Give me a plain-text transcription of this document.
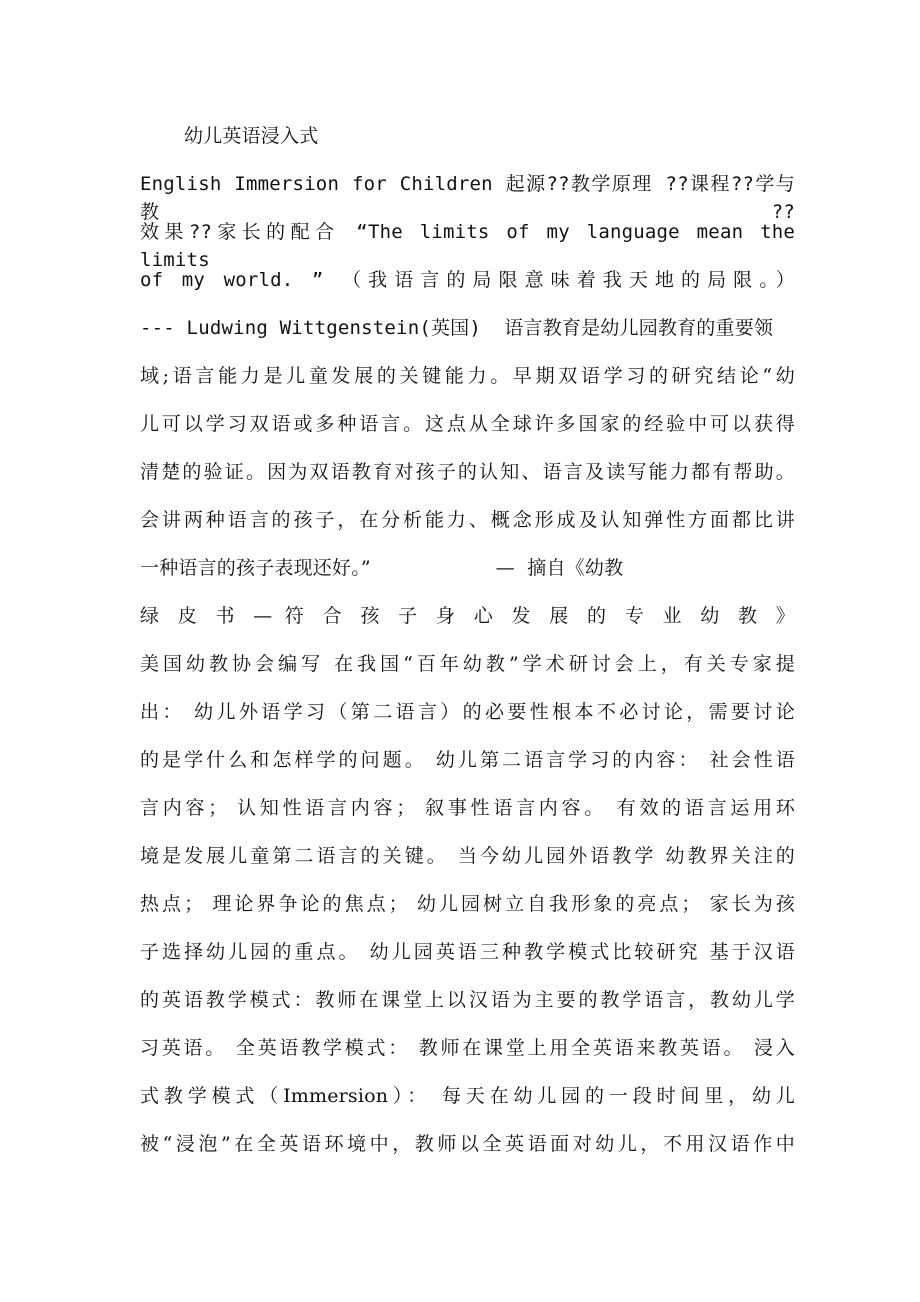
幼儿英语浸入式
English Immersion for Children 起源??教学原理 ??课程??学与教??
效果??家长的配合 “The limits of my language mean the limits
of my world. ” （我语言的局限意味着我天地的局限。）
--- Ludwing Wittgenstein(英国)  语言教育是幼儿园教育的重要领
域;语言能力是儿童发展的关键能力。早期双语学习的研究结论“幼
儿可以学习双语或多种语言。这点从全球许多国家的经验中可以获得
清楚的验证。因为双语教育对孩子的认知、语言及读写能力都有帮助。
会讲两种语言的孩子，在分析能力、概念形成及认知弹性方面都比讲
一种语言的孩子表现还好。”                    —  摘自《幼教
绿 皮 书 — 符 合 孩 子 身 心 发 展 的 专 业 幼 教 》
美国幼教协会编写 在我国“百年幼教”学术研讨会上，有关专家提
出： 幼儿外语学习（第二语言）的必要性根本不必讨论，需要讨论
的是学什么和怎样学的问题。 幼儿第二语言学习的内容： 社会性语
言内容； 认知性语言内容； 叙事性语言内容。 有效的语言运用环
境是发展儿童第二语言的关键。 当今幼儿园外语教学 幼教界关注的
热点； 理论界争论的焦点； 幼儿园树立自我形象的亮点； 家长为孩
子选择幼儿园的重点。 幼儿园英语三种教学模式比较研究 基于汉语
的英语教学模式：教师在课堂上以汉语为主要的教学语言，教幼儿学
习英语。 全英语教学模式： 教师在课堂上用全英语来教英语。 浸入
式教学模式（Immersion）： 每天在幼儿园的一段时间里，幼儿
被“浸泡”在全英语环境中，教师以全英语面对幼儿，不用汉语作中
